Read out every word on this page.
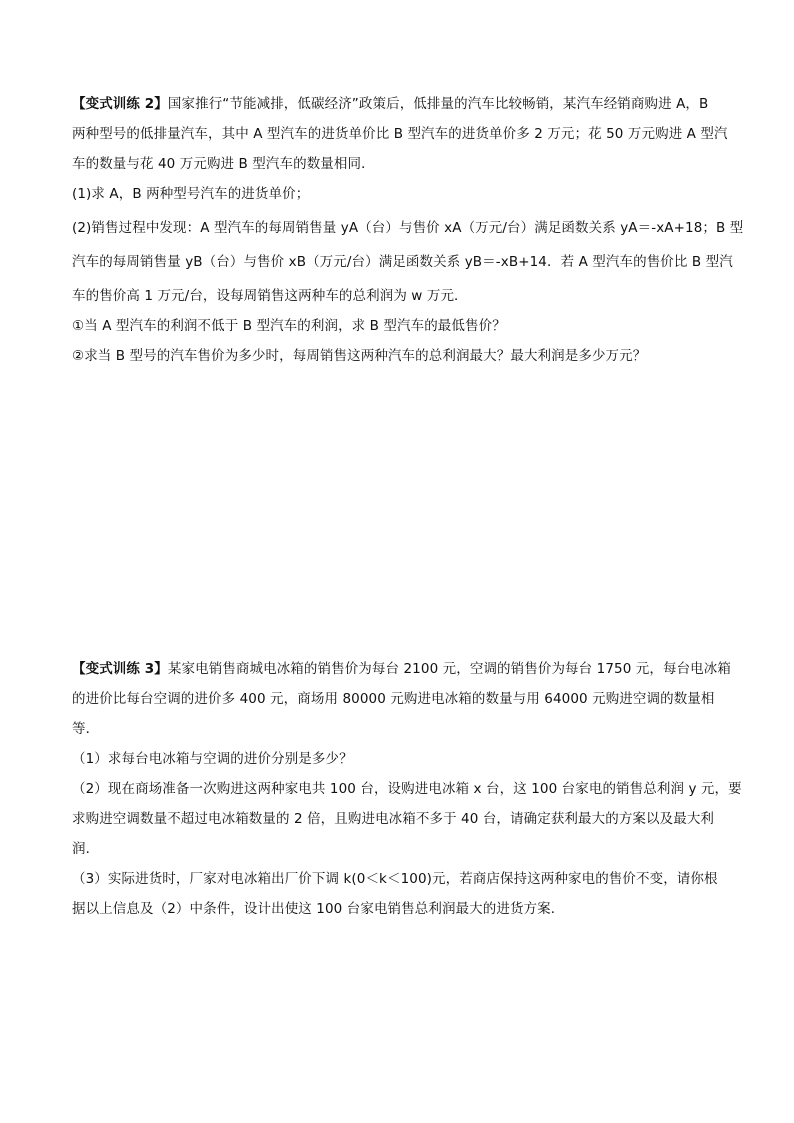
【变式训练 2】国家推行“节能减排，低碳经济”政策后，低排量的汽车比较畅销，某汽车经销商购进 A，B
两种型号的低排量汽车，其中 A 型汽车的进货单价比 B 型汽车的进货单价多 2 万元；花 50 万元购进 A 型汽
车的数量与花 40 万元购进 B 型汽车的数量相同．
(1)求 A，B 两种型号汽车的进货单价；
(2)销售过程中发现：A 型汽车的每周销售量 yA（台）与售价 xA（万元/台）满足函数关系 yA＝-xA+18；B 型
汽车的每周销售量 yB（台）与售价 xB（万元/台）满足函数关系 yB＝-xB+14．若 A 型汽车的售价比 B 型汽
车的售价高 1 万元/台，设每周销售这两种车的总利润为 w 万元．
①当 A 型汽车的利润不低于 B 型汽车的利润，求 B 型汽车的最低售价？
②求当 B 型号的汽车售价为多少时，每周销售这两种汽车的总利润最大？最大利润是多少万元？
【变式训练 3】某家电销售商城电冰箱的销售价为每台 2100 元，空调的销售价为每台 1750 元，每台电冰箱
的进价比每台空调的进价多 400 元，商场用 80000 元购进电冰箱的数量与用 64000 元购进空调的数量相
等．
（1）求每台电冰箱与空调的进价分别是多少？
（2）现在商场准备一次购进这两种家电共 100 台，设购进电冰箱 x 台，这 100 台家电的销售总利润 y 元，要
求购进空调数量不超过电冰箱数量的 2 倍，且购进电冰箱不多于 40 台，请确定获利最大的方案以及最大利
润．
（3）实际进货时，厂家对电冰箱出厂价下调 k(0＜k＜100)元，若商店保持这两种家电的售价不变，请你根
据以上信息及（2）中条件，设计出使这 100 台家电销售总利润最大的进货方案．
